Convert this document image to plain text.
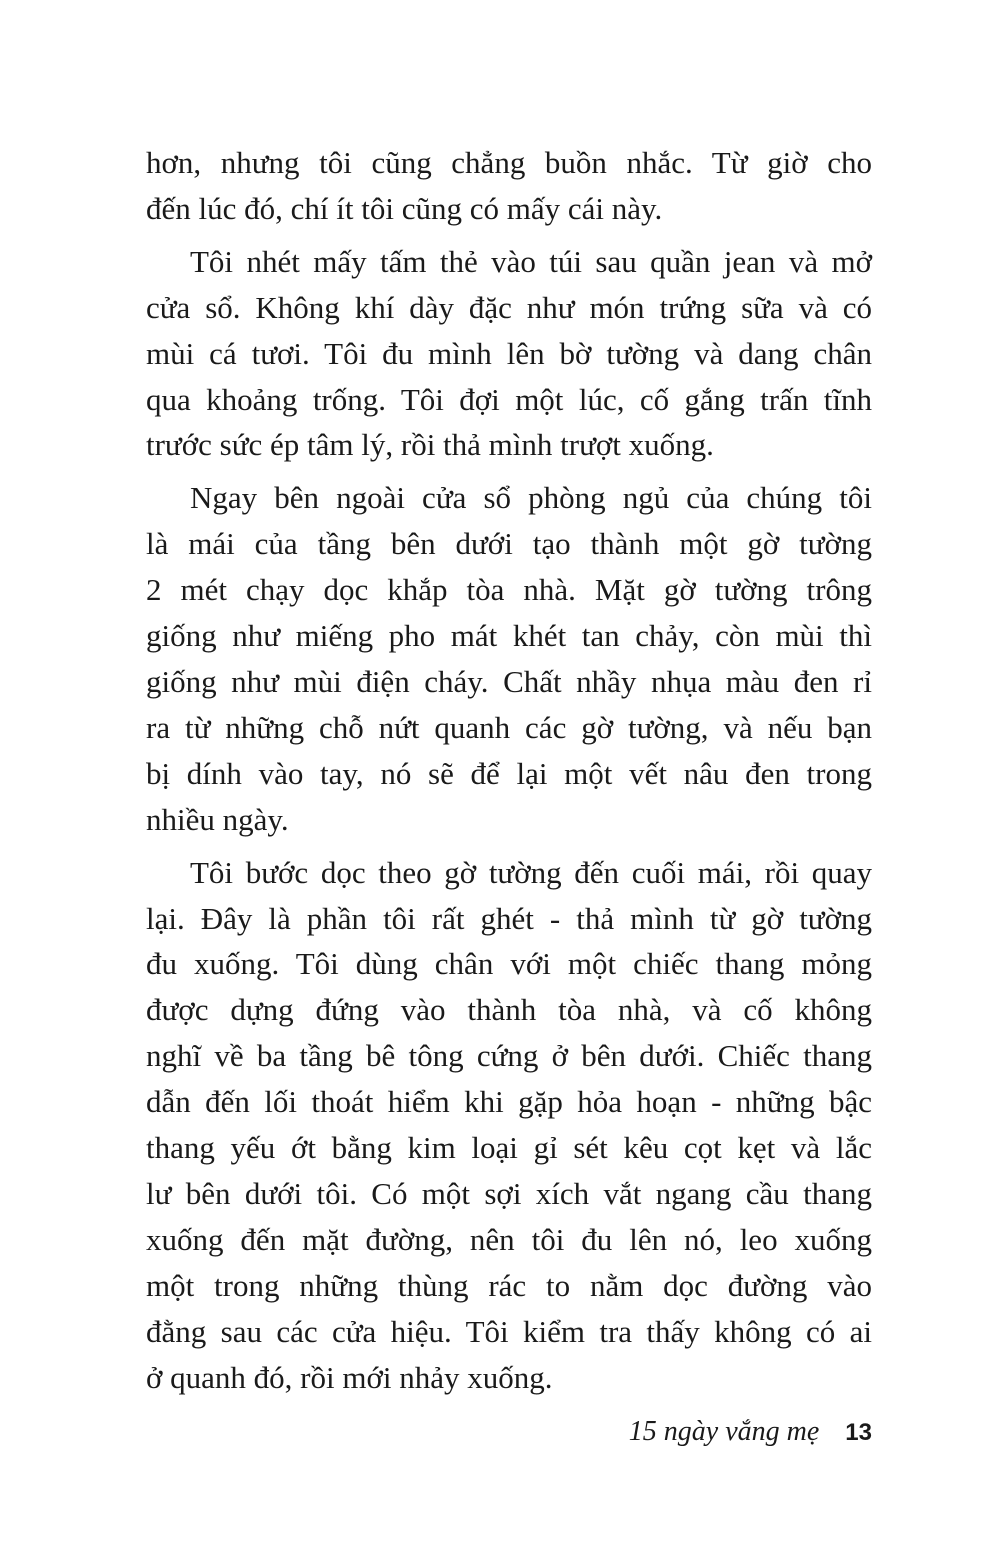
hơn, nhưng tôi cũng chẳng buồn nhắc. Từ giờ cho
đến lúc đó, chí ít tôi cũng có mấy cái này.

Tôi nhét mấy tấm thẻ vào túi sau quần jean và mở
cửa sổ. Không khí dày đặc như món trứng sữa và có
mùi cá tươi. Tôi đu mình lên bờ tường và dang chân
qua khoảng trống. Tôi đợi một lúc, cố gắng trấn tĩnh
trước sức ép tâm lý, rồi thả mình trượt xuống.

Ngay bên ngoài cửa sổ phòng ngủ của chúng tôi
là mái của tầng bên dưới tạo thành một gờ tường
2 mét chạy dọc khắp tòa nhà. Mặt gờ tường trông
giống như miếng pho mát khét tan chảy, còn mùi thì
giống như mùi điện cháy. Chất nhầy nhụa màu đen rỉ
ra từ những chỗ nứt quanh các gờ tường, và nếu bạn
bị dính vào tay, nó sẽ để lại một vết nâu đen trong
nhiều ngày.

Tôi bước dọc theo gờ tường đến cuối mái, rồi quay
lại. Đây là phần tôi rất ghét - thả mình từ gờ tường
đu xuống. Tôi dùng chân với một chiếc thang mỏng
được dựng đứng vào thành tòa nhà, và cố không
nghĩ về ba tầng bê tông cứng ở bên dưới. Chiếc thang
dẫn đến lối thoát hiểm khi gặp hỏa hoạn - những bậc
thang yếu ớt bằng kim loại gỉ sét kêu cọt kẹt và lắc
lư bên dưới tôi. Có một sợi xích vắt ngang cầu thang
xuống đến mặt đường, nên tôi đu lên nó, leo xuống
một trong những thùng rác to nằm dọc đường vào
đằng sau các cửa hiệu. Tôi kiểm tra thấy không có ai
ở quanh đó, rồi mới nhảy xuống.

15 ngày vắng mẹ 13
